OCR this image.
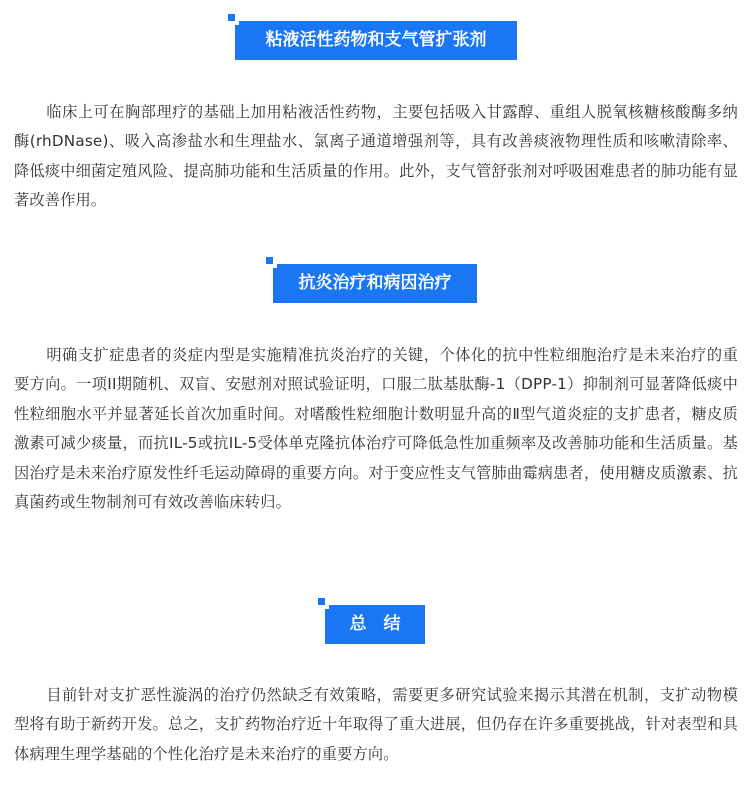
粘液活性药物和支气管扩张剂

临床上可在胸部理疗的基础上加用粘液活性药物，主要包括吸入甘露醇、重组人脱氧核糖核酸酶多纳酶(rhDNase)、吸入高渗盐水和生理盐水、氯离子通道增强剂等，具有改善痰液物理性质和咳嗽清除率、降低痰中细菌定殖风险、提高肺功能和生活质量的作用。此外，支气管舒张剂对呼吸困难患者的肺功能有显著改善作用。

抗炎治疗和病因治疗

明确支扩症患者的炎症内型是实施精准抗炎治疗的关键，个体化的抗中性粒细胞治疗是未来治疗的重要方向。一项II期随机、双盲、安慰剂对照试验证明，口服二肽基肽酶-1（DPP-1）抑制剂可显著降低痰中性粒细胞水平并显著延长首次加重时间。对嗜酸性粒细胞计数明显升高的Ⅱ型气道炎症的支扩患者，糖皮质激素可减少痰量，而抗IL-5或抗IL-5受体单克隆抗体治疗可降低急性加重频率及改善肺功能和生活质量。基因治疗是未来治疗原发性纤毛运动障碍的重要方向。对于变应性支气管肺曲霉病患者，使用糖皮质激素、抗真菌药或生物制剂可有效改善临床转归。

总　结

目前针对支扩恶性漩涡的治疗仍然缺乏有效策略，需要更多研究试验来揭示其潜在机制，支扩动物模型将有助于新药开发。总之，支扩药物治疗近十年取得了重大进展，但仍存在许多重要挑战，针对表型和具体病理生理学基础的个性化治疗是未来治疗的重要方向。
